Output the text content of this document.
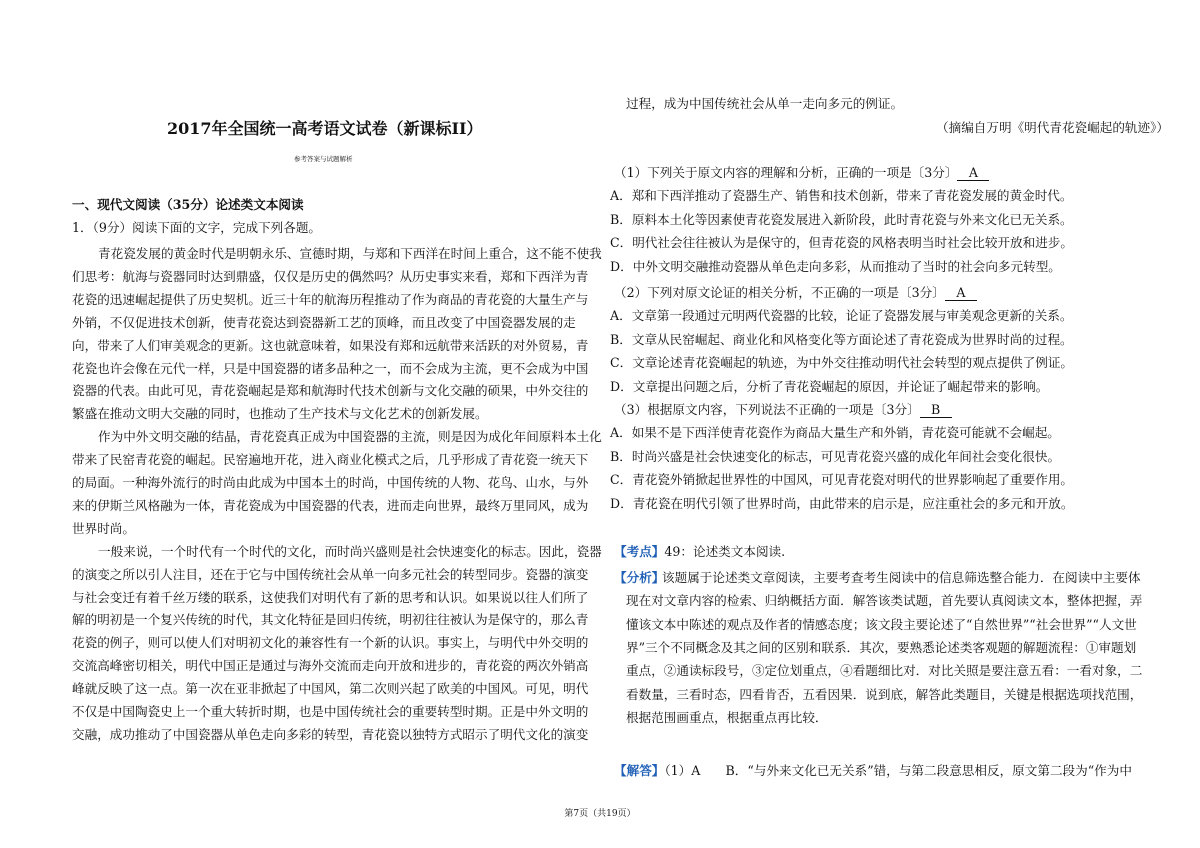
2017年全国统一高考语文试卷（新课标II）
参考答案与试题解析
一、现代文阅读（35分）论述类文本阅读
1．（9分）阅读下面的文字，完成下列各题。
青花瓷发展的黄金时代是明朝永乐、宣德时期，与郑和下西洋在时间上重合，这不能不使我
们思考：航海与瓷器同时达到鼎盛，仅仅是历史的偶然吗？从历史事实来看，郑和下西洋为青
花瓷的迅速崛起提供了历史契机。近三十年的航海历程推动了作为商品的青花瓷的大量生产与
外销，不仅促进技术创新，使青花瓷达到瓷器新工艺的顶峰，而且改变了中国瓷器发展的走
向，带来了人们审美观念的更新。这也就意味着，如果没有郑和远航带来活跃的对外贸易，青
花瓷也许会像在元代一样，只是中国瓷器的诸多品种之一，而不会成为主流，更不会成为中国
瓷器的代表。由此可见，青花瓷崛起是郑和航海时代技术创新与文化交融的硕果，中外交往的
繁盛在推动文明大交融的同时，也推动了生产技术与文化艺术的创新发展。
作为中外文明交融的结晶，青花瓷真正成为中国瓷器的主流，则是因为成化年间原料本土化
带来了民窑青花瓷的崛起。民窑遍地开花，进入商业化模式之后，几乎形成了青花瓷一统天下
的局面。一种海外流行的时尚由此成为中国本土的时尚，中国传统的人物、花鸟、山水，与外
来的伊斯兰风格融为一体，青花瓷成为中国瓷器的代表，进而走向世界，最终万里同风，成为
世界时尚。
一般来说，一个时代有一个时代的文化，而时尚兴盛则是社会快速变化的标志。因此，瓷器
的演变之所以引人注目，还在于它与中国传统社会从单一向多元社会的转型同步。瓷器的演变
与社会变迁有着千丝万缕的联系，这使我们对明代有了新的思考和认识。如果说以往人们所了
解的明初是一个复兴传统的时代，其文化特征是回归传统，明初往往被认为是保守的，那么青
花瓷的例子，则可以使人们对明初文化的兼容性有一个新的认识。事实上，与明代中外交明的
交流高峰密切相关，明代中国正是通过与海外交流而走向开放和进步的，青花瓷的两次外销高
峰就反映了这一点。第一次在亚非掀起了中国风，第二次则兴起了欧美的中国风。可见，明代
不仅是中国陶瓷史上一个重大转折时期，也是中国传统社会的重要转型时期。正是中外文明的
交融，成功推动了中国瓷器从单色走向多彩的转型，青花瓷以独特方式昭示了明代文化的演变
过程，成为中国传统社会从单一走向多元的例证。
（摘编自万明《明代青花瓷崛起的轨迹》）
（1）下列关于原文内容的理解和分析，正确的一项是〔3分〕 A
A．郑和下西洋推动了瓷器生产、销售和技术创新，带来了青花瓷发展的黄金时代。
B．原料本土化等因素使青花瓷发展进入新阶段，此时青花瓷与外来文化已无关系。
C．明代社会往往被认为是保守的，但青花瓷的风格表明当时社会比较开放和进步。
D．中外文明交融推动瓷器从单色走向多彩，从而推动了当时的社会向多元转型。
（2）下列对原文论证的相关分析，不正确的一项是〔3分〕 A
A．文章第一段通过元明两代瓷器的比较，论证了瓷器发展与审美观念更新的关系。
B．文章从民窑崛起、商业化和风格变化等方面论述了青花瓷成为世界时尚的过程。
C．文章论述青花瓷崛起的轨迹，为中外交往推动明代社会转型的观点提供了例证。
D．文章提出问题之后，分析了青花瓷崛起的原因，并论证了崛起带来的影响。
（3）根据原文内容，下列说法不正确的一项是〔3分〕 B
A．如果不是下西洋使青花瓷作为商品大量生产和外销，青花瓷可能就不会崛起。
B．时尚兴盛是社会快速变化的标志，可见青花瓷兴盛的成化年间社会变化很快。
C．青花瓷外销掀起世界性的中国风，可见青花瓷对明代的世界影响起了重要作用。
D．青花瓷在明代引领了世界时尚，由此带来的启示是，应注重社会的多元和开放。
【考点】49：论述类文本阅读.
【分析】
该题属于论述类文章阅读，主要考查考生阅读中的信息筛选整合能力．在阅读中主要体
现在对文章内容的检索、归纳概括方面．解答该类试题，首先要认真阅读文本，整体把握，弄
懂该文本中陈述的观点及作者的情感态度；该文段主要论述了“自然世界”“社会世界”“人文世
界”三个不同概念及其之间的区别和联系．其次，要熟悉论述类客观题的解题流程：①审题划
重点，②通读标段号，③定位划重点，④看题细比对．对比关照是要注意五看：一看对象，二
看数量，三看时态，四看肯否，五看因果．说到底，解答此类题目，关键是根据选项找范围，
根据范围画重点，根据重点再比较．
【解答】（1）A　　B．“与外来文化已无关系”错，与第二段意思相反，原文第二段为“作为中
第7页（共19页）
